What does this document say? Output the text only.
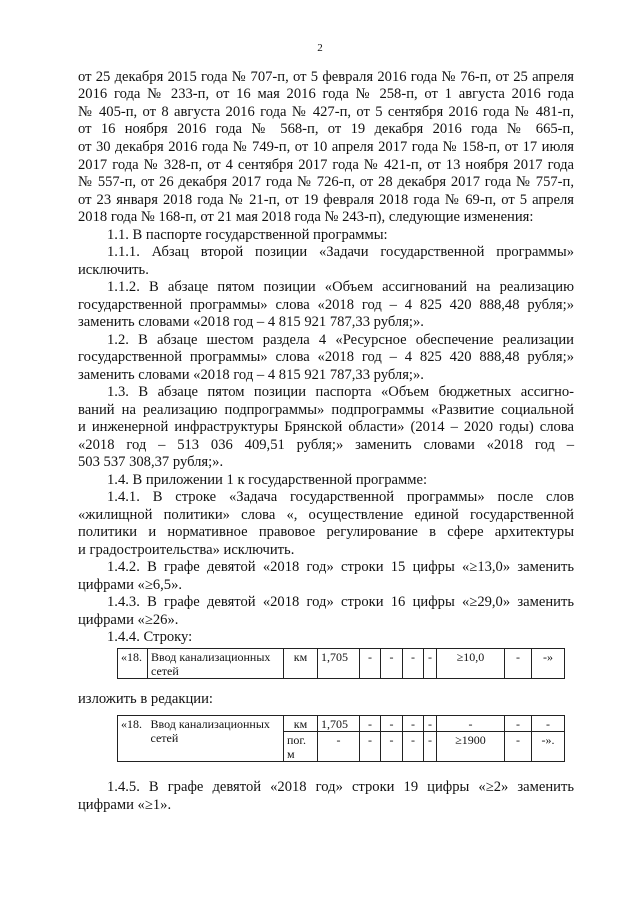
2

от 25 декабря 2015 года № 707-п, от 5 февраля 2016 года № 76-п, от 25 апреля

2016 года № 233-п, от 16 мая 2016 года № 258-п, от 1 августа 2016 года

№ 405-п, от 8 августа 2016 года № 427-п, от 5 сентября 2016 года № 481-п,

от 16 ноября 2016 года № 568-п, от 19 декабря 2016 года № 665-п,

от 30 декабря 2016 года № 749-п, от 10 апреля 2017 года № 158-п, от 17 июля

2017 года № 328-п, от 4 сентября 2017 года № 421-п, от 13 ноября 2017 года

№ 557-п, от 26 декабря 2017 года № 726-п, от 28 декабря 2017 года № 757-п,

от 23 января 2018 года № 21-п, от 19 февраля 2018 года № 69-п, от 5 апреля

2018 года № 168-п, от 21 мая 2018 года № 243-п), следующие изменения:

1.1. В паспорте государственной программы:

1.1.1. Абзац второй позиции «Задачи государственной программы»

исключить.

1.1.2. В абзаце пятом позиции «Объем ассигнований на реализацию

государственной программы» слова «2018 год – 4 825 420 888,48 рубля;»

заменить словами «2018 год – 4 815 921 787,33 рубля;».

1.2. В абзаце шестом раздела 4 «Ресурсное обеспечение реализации

государственной программы» слова «2018 год – 4 825 420 888,48 рубля;»

заменить словами «2018 год – 4 815 921 787,33 рубля;».

1.3. В абзаце пятом позиции паспорта «Объем бюджетных ассигно-

ваний на реализацию подпрограммы» подпрограммы «Развитие социальной

и инженерной инфраструктуры Брянской области» (2014 – 2020 годы) слова

«2018 год – 513 036 409,51 рубля;» заменить словами «2018 год –

503 537 308,37 рубля;».

1.4. В приложении 1 к государственной программе:

1.4.1. В строке «Задача государственной программы» после слов

«жилищной политики» слова «, осуществление единой государственной

политики и нормативное правовое регулирование в сфере архитектуры

и градостроительства» исключить.

1.4.2. В графе девятой «2018 год» строки 15 цифры «≥13,0» заменить

цифрами «≥6,5».

1.4.3. В графе девятой «2018 год» строки 16 цифры «≥29,0» заменить

цифрами «≥26».

1.4.4. Строку:

«18.	Ввод канализационных
сетей	км	1,705	-	-	-	-	≥10,0	-	-»

изложить в редакции:

«18.	Ввод канализационных
сетей	км	1,705	-	-	-	-	-	-	-
		пог.
м	-	-	-	-	-	≥1900	-	-».

1.4.5. В графе девятой «2018 год» строки 19 цифры «≥2» заменить

цифрами «≥1».
